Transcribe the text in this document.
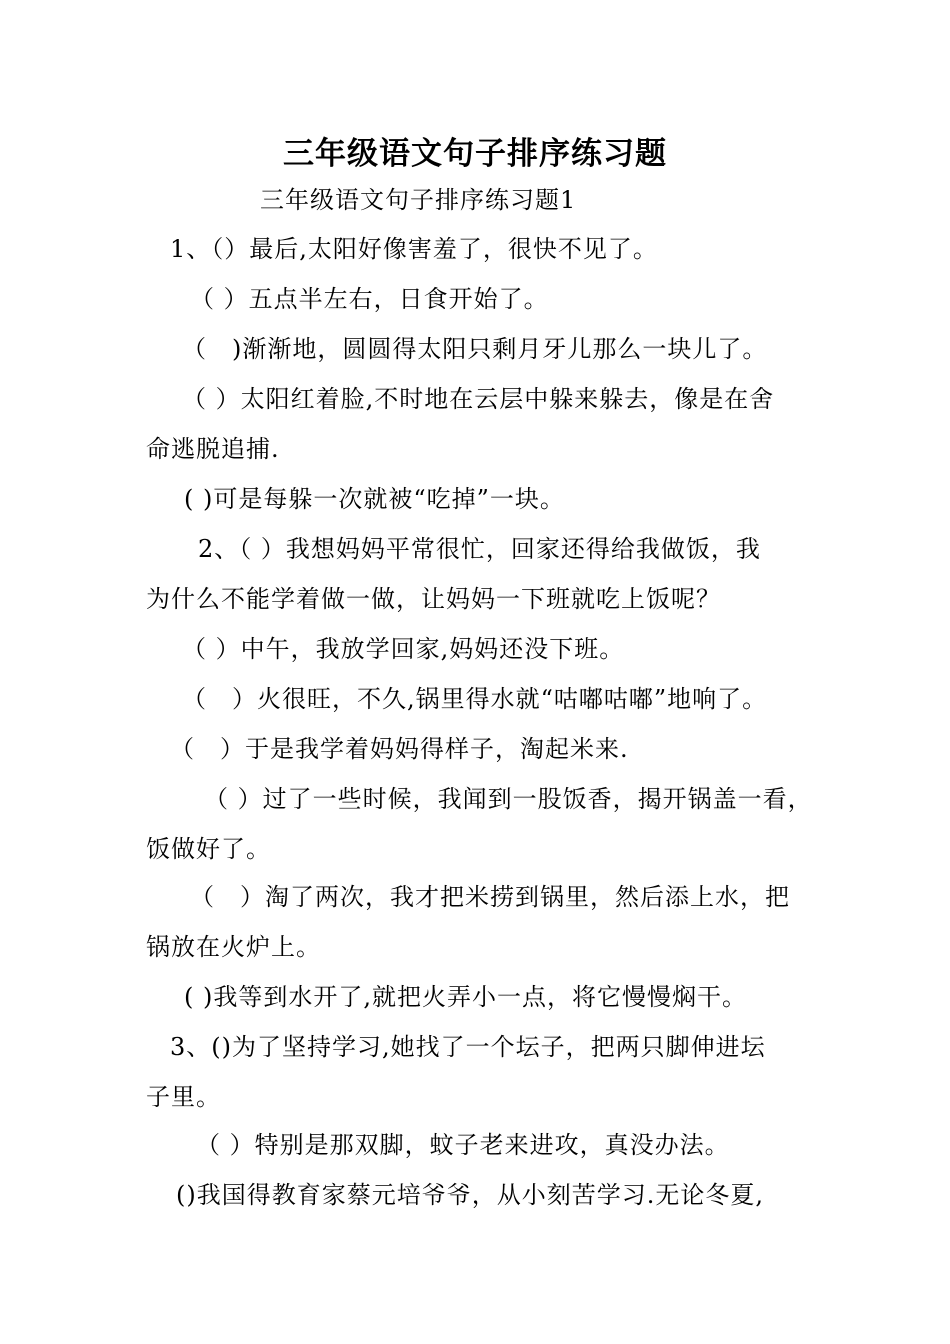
三年级语文句子排序练习题
三年级语文句子排序练习题1
1、（）最后,太阳好像害羞了，很快不见了。
（ ）五点半左右，日食开始了。
（　)渐渐地，圆圆得太阳只剩月牙儿那么一块儿了。
（ ）太阳红着脸,不时地在云层中躲来躲去，像是在舍
命逃脱追捕.
( )可是每躲一次就被“吃掉”一块。
2、（ ）我想妈妈平常很忙，回家还得给我做饭，我
为什么不能学着做一做，让妈妈一下班就吃上饭呢？
（ ）中午，我放学回家,妈妈还没下班。
（　）火很旺，不久,锅里得水就“咕嘟咕嘟”地响了。
（　）于是我学着妈妈得样子，淘起米来.
（ ）过了一些时候，我闻到一股饭香，揭开锅盖一看，
饭做好了。
（　）淘了两次，我才把米捞到锅里，然后添上水，把
锅放在火炉上。
( )我等到水开了,就把火弄小一点，将它慢慢焖干。
3、()为了坚持学习,她找了一个坛子，把两只脚伸进坛
子里。
（ ）特别是那双脚，蚊子老来进攻，真没办法。
()我国得教育家蔡元培爷爷，从小刻苦学习.无论冬夏,
